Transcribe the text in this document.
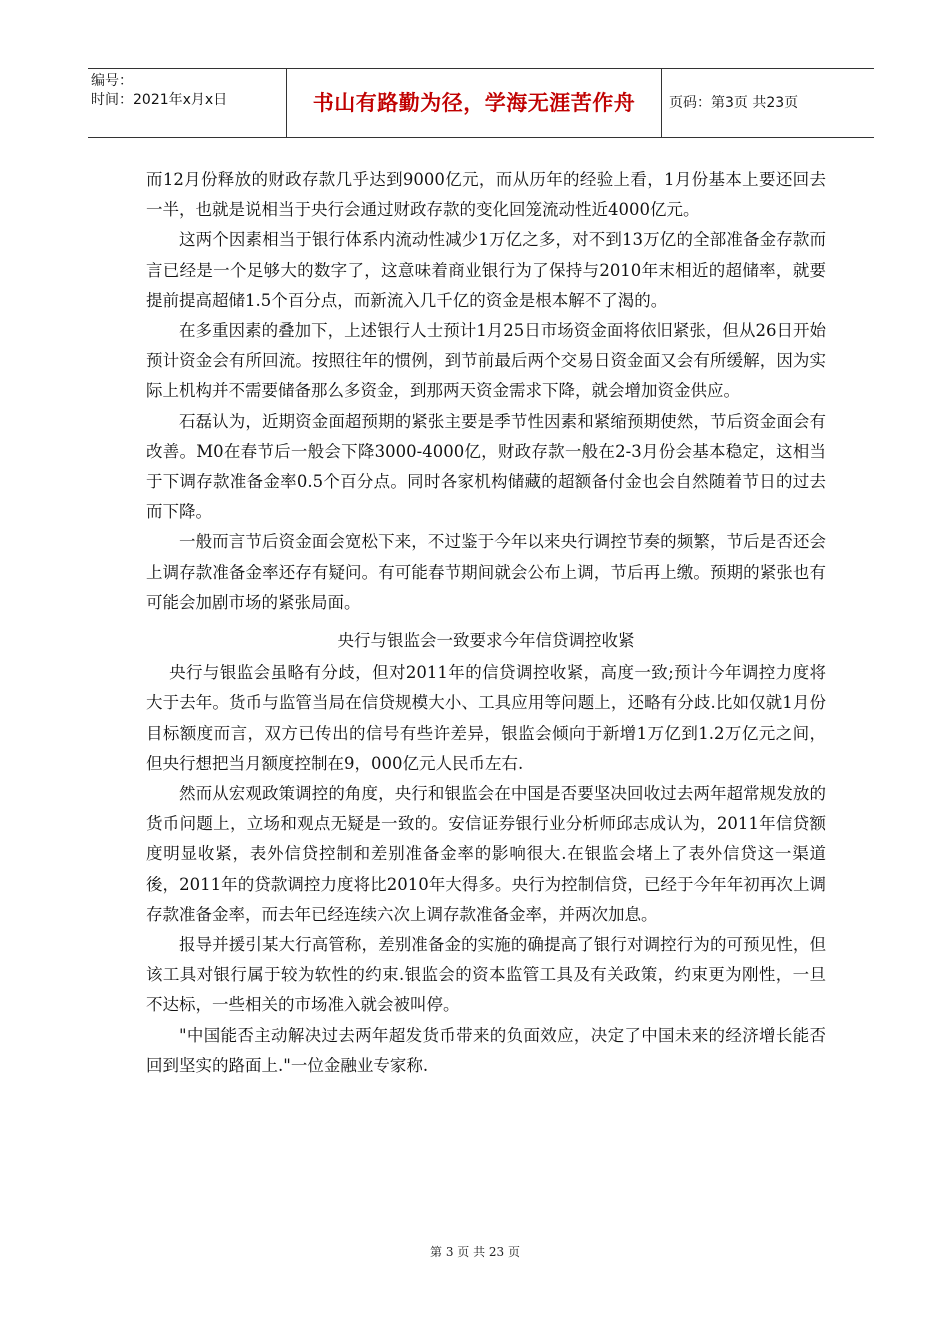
编号：
时间：2021年x月x日	书山有路勤为径，学海无涯苦作舟	页码：第3页 共23页

而12月份释放的财政存款几乎达到9000亿元，而从历年的经验上看，1月份基本上要还回去一半，也就是说相当于央行会通过财政存款的变化回笼流动性近4000亿元。

这两个因素相当于银行体系内流动性减少1万亿之多，对不到13万亿的全部准备金存款而言已经是一个足够大的数字了，这意味着商业银行为了保持与2010年末相近的超储率，就要提前提高超储1.5个百分点，而新流入几千亿的资金是根本解不了渴的。

在多重因素的叠加下，上述银行人士预计1月25日市场资金面将依旧紧张，但从26日开始预计资金会有所回流。按照往年的惯例，到节前最后两个交易日资金面又会有所缓解，因为实际上机构并不需要储备那么多资金，到那两天资金需求下降，就会增加资金供应。

石磊认为，近期资金面超预期的紧张主要是季节性因素和紧缩预期使然，节后资金面会有改善。M0在春节后一般会下降3000-4000亿，财政存款一般在2-3月份会基本稳定，这相当于下调存款准备金率0.5个百分点。同时各家机构储藏的超额备付金也会自然随着节日的过去而下降。

一般而言节后资金面会宽松下来，不过鉴于今年以来央行调控节奏的频繁，节后是否还会上调存款准备金率还存有疑问。有可能春节期间就会公布上调，节后再上缴。预期的紧张也有可能会加剧市场的紧张局面。

央行与银监会一致要求今年信贷调控收紧

央行与银监会虽略有分歧，但对2011年的信贷调控收紧，高度一致;预计今年调控力度将大于去年。货币与监管当局在信贷规模大小、工具应用等问题上，还略有分歧.比如仅就1月份目标额度而言，双方已传出的信号有些许差异，银监会倾向于新增1万亿到1.2万亿元之间，但央行想把当月额度控制在9，000亿元人民币左右.

然而从宏观政策调控的角度，央行和银监会在中国是否要坚决回收过去两年超常规发放的货币问题上，立场和观点无疑是一致的。安信证券银行业分析师邱志成认为，2011年信贷额度明显收紧，表外信贷控制和差别准备金率的影响很大.在银监会堵上了表外信贷这一渠道後，2011年的贷款调控力度将比2010年大得多。央行为控制信贷，已经于今年年初再次上调存款准备金率，而去年已经连续六次上调存款准备金率，并两次加息。

报导并援引某大行高管称，差别准备金的实施的确提高了银行对调控行为的可预见性，但该工具对银行属于较为软性的约束.银监会的资本监管工具及有关政策，约束更为刚性，一旦不达标，一些相关的市场准入就会被叫停。

"中国能否主动解决过去两年超发货币带来的负面效应，决定了中国未来的经济增长能否回到坚实的路面上."一位金融业专家称.

第 3 页 共 23 页
